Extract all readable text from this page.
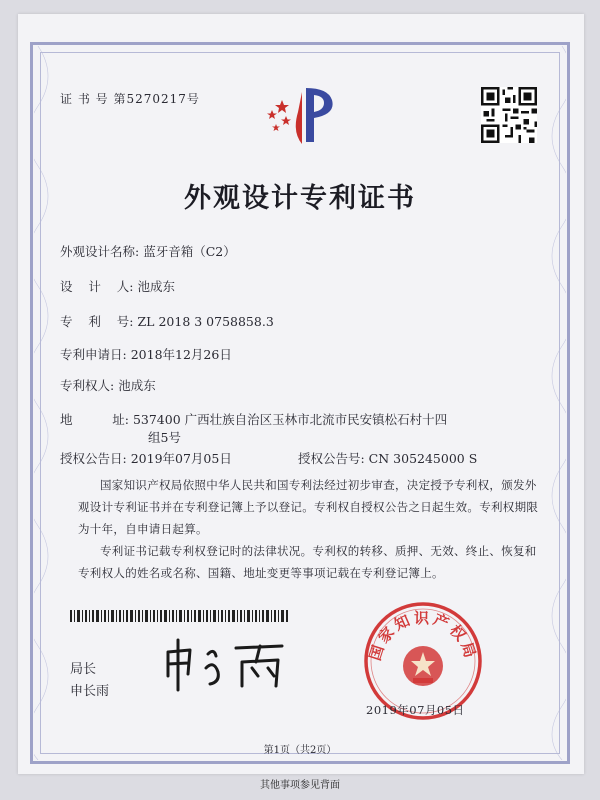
证 书 号 第5270217号
外观设计专利证书
外观设计名称: 蓝牙音箱（C2）
设    计    人: 池成东
专    利    号: ZL 2018 3 0758858.3
专利申请日: 2018年12月26日
专利权人: 池成东
地          址: 537400 广西壮族自治区玉林市北流市民安镇松石村十四
组5号
授权公告日: 2019年07月05日	授权公告号: CN 305245000 S
国家知识产权局依照中华人民共和国专利法经过初步审查，决定授予专利权，颁发外观设计专利证书并在专利登记簿上予以登记。专利权自授权公告之日起生效。专利权期限为十年，自申请日起算。
专利证书记载专利权登记时的法律状况。专利权的转移、质押、无效、终止、恢复和专利权人的姓名或名称、国籍、地址变更等事项记载在专利登记簿上。
局长
申长雨
国家知识产权局
2019年07月05日
第1页（共2页）
其他事项参见背面
